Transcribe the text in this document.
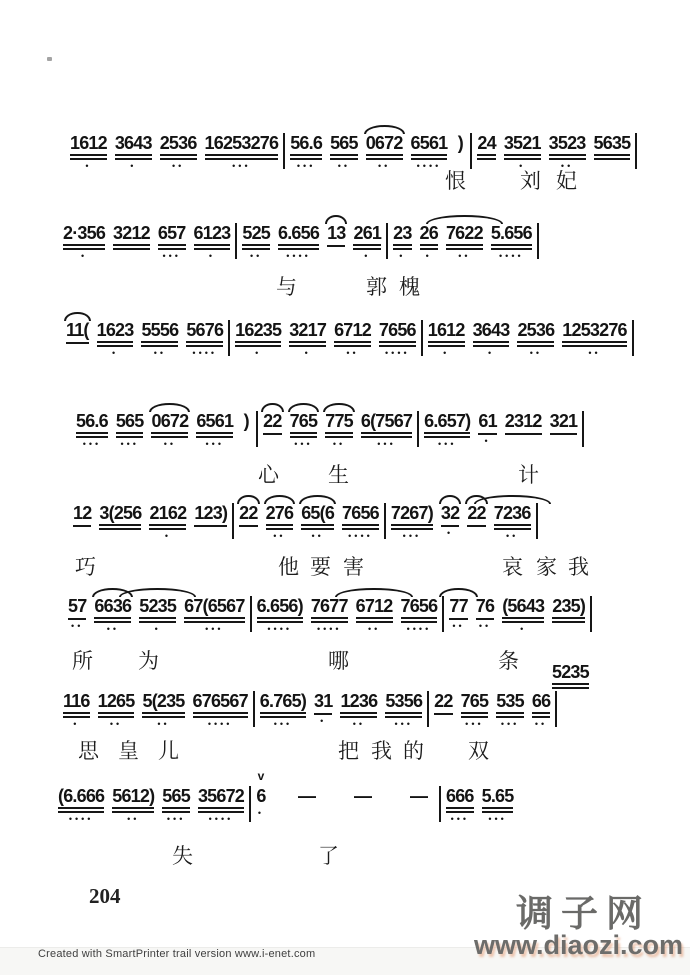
1612
•
3643
•
2536
••
16253276
•••
56.6
•••
565
••
0672
••
6561
••••
) 24 3521
•
3523
••
5635
2·356
•
3212 657
•••
6123
•
525
••
6.656
••••
13 261
•
23
•
26
•
7622
••
5.656
••••
11( 1623
•
5556
••
5676
••••
16235
•
3217
•
6712
••
7656
••••
1612
•
3643
•
2536
••
1253276
••
56.6
•••
565
•••
0672
••
6561
•••
) 22 765
•••
775
••
6(7567
•••
6.657)
•••
61
•
2312 321
12 3(256 2162
•
123) 22 276
••
65(6
••
7656
••••
7267)
•••
32
•
22 7236
••
57
••
6636
••
5235
•
67(6567
•••
6.656)
••••
7677
••••
6712
••
7656
••••
77
••
76
••
(5643
•
235)
5235
116
•
1265
••
5(235
••
676567
••••
6.765)
•••
31
•
1236
••
5356
•••
22 765
•••
535
•••
66
••
(6.666
••••
5612)
••
565
•••
35672
••••
v
6
•
—	—	—	666
•••
5.65
•••
204
Created with SmartPrinter trail version www.i-enet.com
调子网
www.diaozi.com
恨	刘 妃
与	郭 槐
心 生	计
巧	他 要 害	哀 家 我
所 为	哪	条
思 皇 儿	把 我 的 双
失	了
